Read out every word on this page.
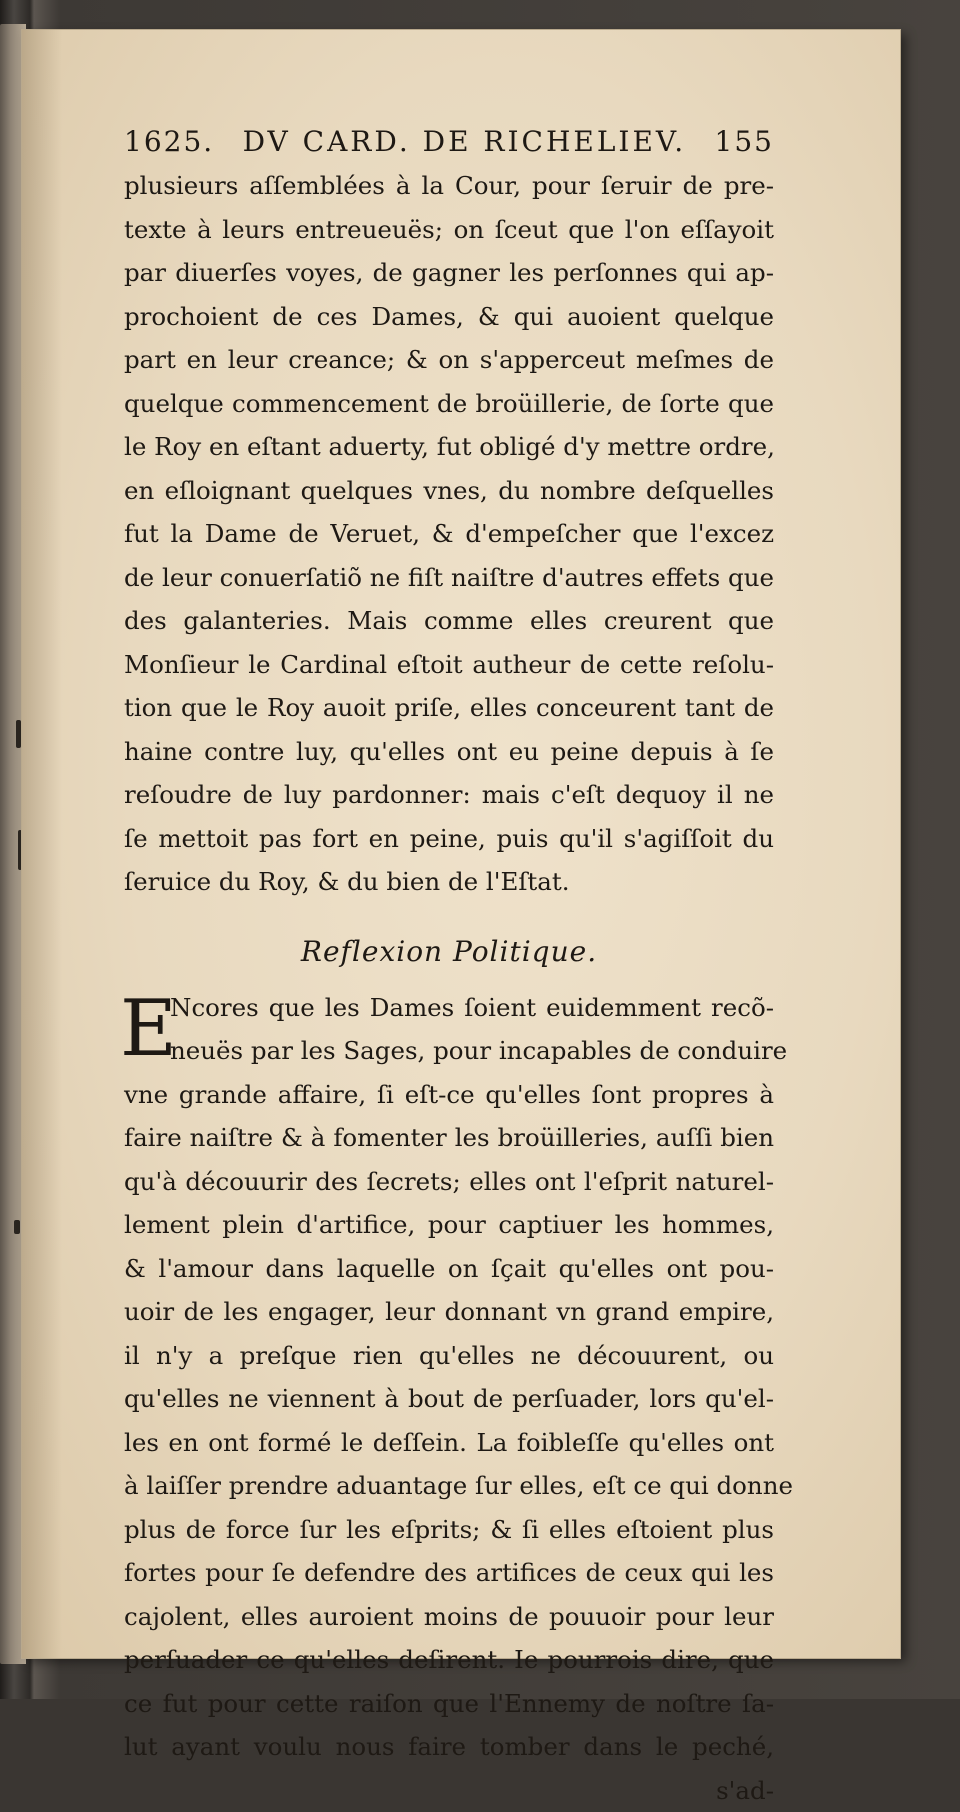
1625. DV CARD. DE RICHELIEV. 155
plusieurs aſſemblées à la Cour, pour ſeruir de pre-
texte à leurs entreueuës; on ſceut que l'on eſſayoit
par diuerſes voyes, de gagner les perſonnes qui ap-
prochoient de ces Dames, & qui auoient quelque
part en leur creance; & on s'apperceut meſmes de
quelque commencement de broüillerie, de ſorte que
le Roy en eſtant aduerty, fut obligé d'y mettre ordre,
en eſloignant quelques vnes, du nombre deſquelles
fut la Dame de Veruet, & d'empeſcher que l'excez
de leur conuerſatiõ ne fiſt naiſtre d'autres effets que
des galanteries. Mais comme elles creurent que
Monſieur le Cardinal eſtoit autheur de cette reſolu-
tion que le Roy auoit priſe, elles conceurent tant de
haine contre luy, qu'elles ont eu peine depuis à ſe
reſoudre de luy pardonner: mais c'eſt dequoy il ne
ſe mettoit pas fort en peine, puis qu'il s'agiſſoit du
ſeruice du Roy, & du bien de l'Eſtat.
Reflexion Politique.
E
Ncores que les Dames ſoient euidemment recõ-
neuës par les Sages, pour incapables de conduire
vne grande affaire, ſi eſt-ce qu'elles ſont propres à
faire naiſtre & à fomenter les broüilleries, auſſi bien
qu'à découurir des ſecrets; elles ont l'eſprit naturel-
lement plein d'artifice, pour captiuer les hommes,
& l'amour dans laquelle on ſçait qu'elles ont pou-
uoir de les engager, leur donnant vn grand empire,
il n'y a preſque rien qu'elles ne découurent, ou
qu'elles ne viennent à bout de perſuader, lors qu'el-
les en ont formé le deſſein. La foibleſſe qu'elles ont
à laiſſer prendre aduantage ſur elles, eſt ce qui donne
plus de force ſur les eſprits; & ſi elles eſtoient plus
fortes pour ſe defendre des artifices de ceux qui les
cajolent, elles auroient moins de pouuoir pour leur
perſuader ce qu'elles deſirent. Ie pourrois dire, que
ce fut pour cette raiſon que l'Ennemy de noſtre ſa-
lut ayant voulu nous faire tomber dans le peché,
s'ad-
